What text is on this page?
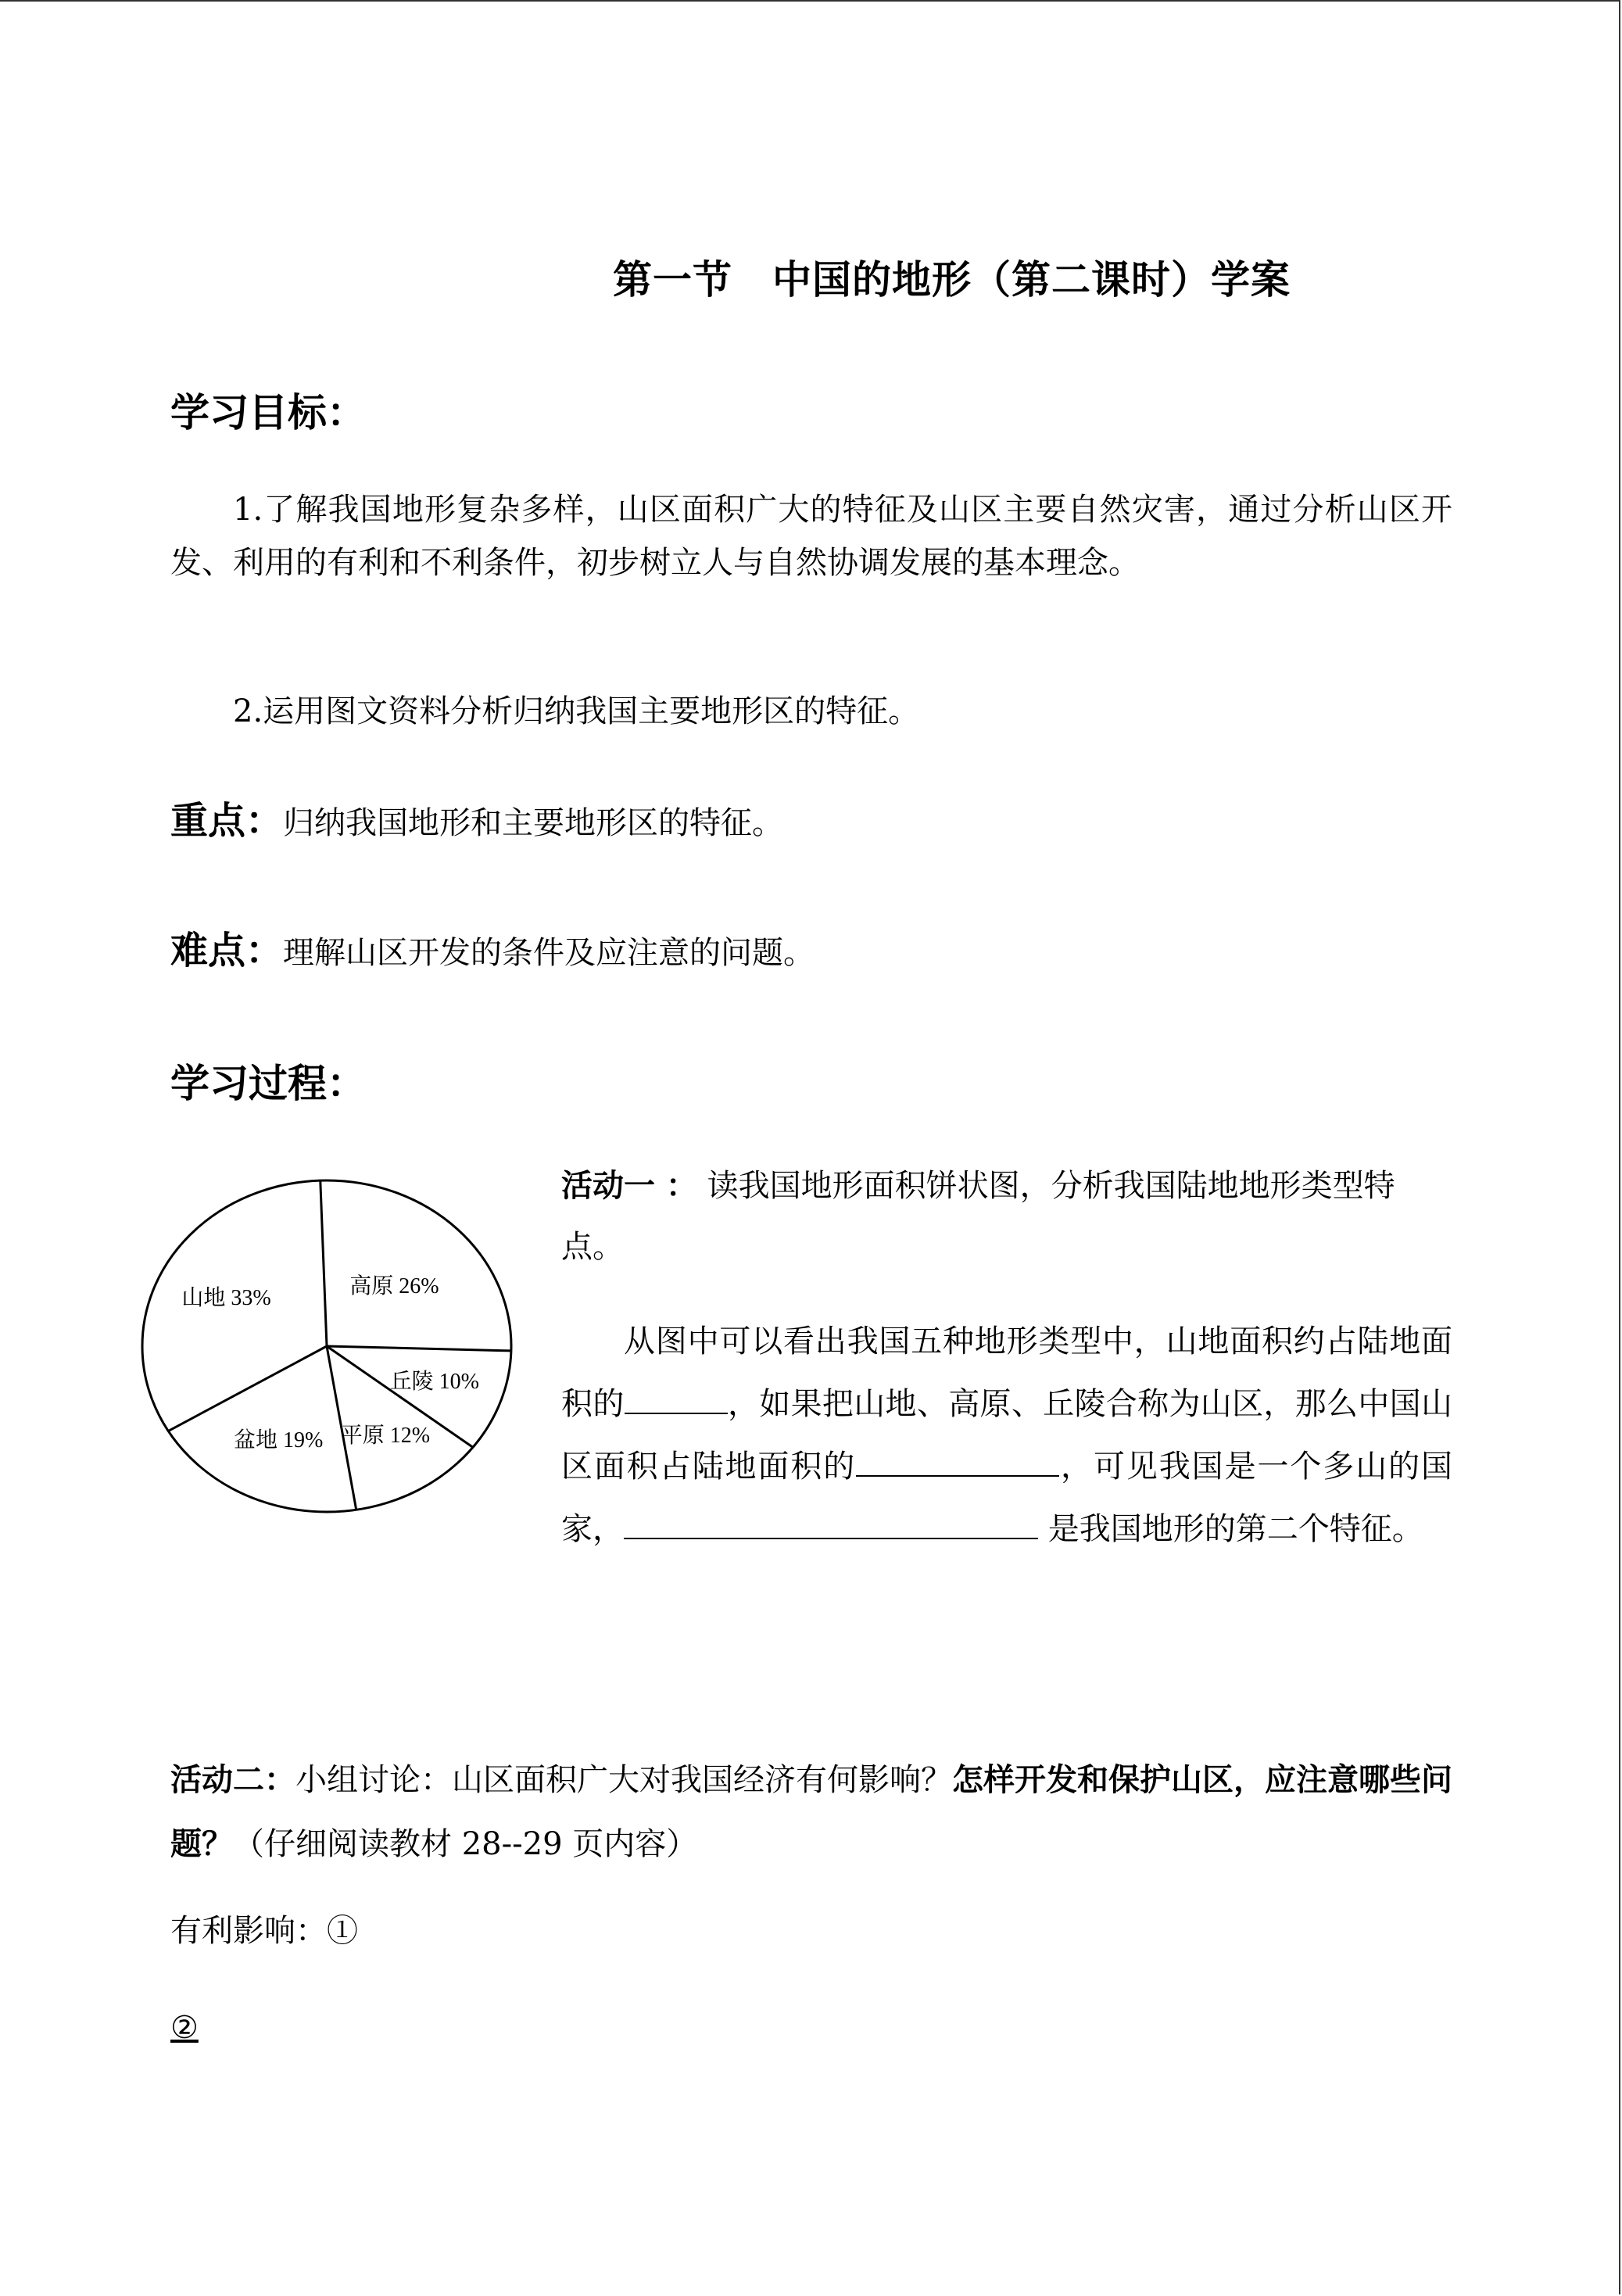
第一节　中国的地形（第二课时）学案
学习目标：
1.了解我国地形复杂多样，山区面积广大的特征及山区主要自然灾害，通过分析山区开发、利用的有利和不利条件，初步树立人与自然协调发展的基本理念。
2.运用图文资料分析归纳我国主要地形区的特征。
重点：归纳我国地形和主要地形区的特征。
难点：理解山区开发的条件及应注意的问题。
学习过程：
高原 26%
丘陵 10%
平原 12%
盆地 19%
山地 33%
活动一 ： 读我国地形面积饼状图，分析我国陆地地形类型特点。
从图中可以看出我国五种地形类型中，山地面积约占陆地面积的	，如果把山地、高原、丘陵合称为山区，那么中国山区面积占陆地面积的	，可见我国是一个多山的国家，	是我国地形的第二个特征。
活动二：小组讨论：山区面积广大对我国经济有何影响？怎样开发和保护山区，应注意哪些问题？（仔细阅读教材 28--29 页内容）
有利影响：①
②
